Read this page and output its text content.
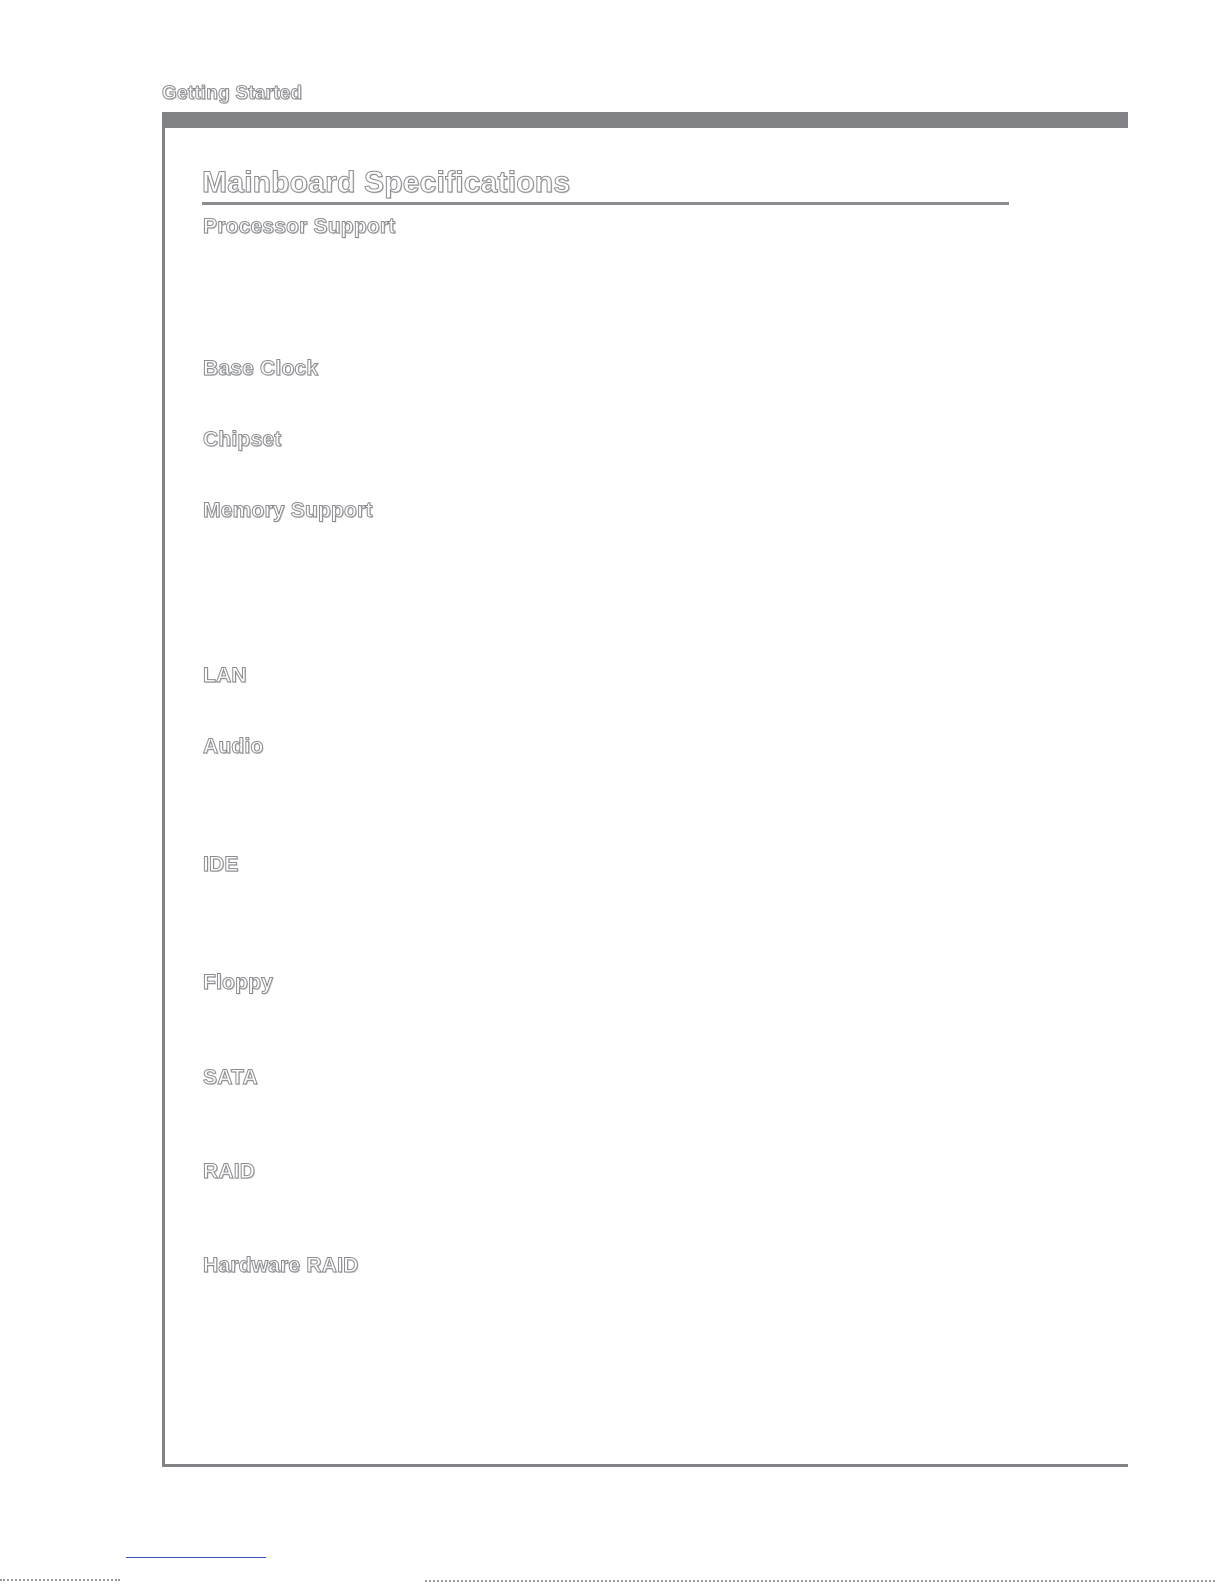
Getting Started
Mainboard Specifications
Processor Support
Base Clock
Chipset
Memory Support
LAN
Audio
IDE
Floppy
SATA
RAID
Hardware RAID
